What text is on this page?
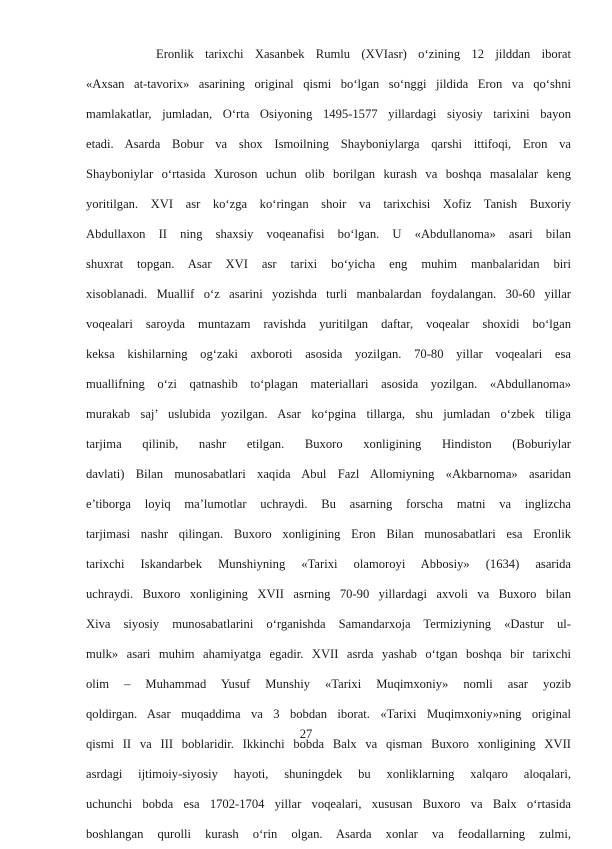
Eronlik tarixchi Xasanbek Rumlu (XVIasr) o‘zining 12 jilddan iborat
«Axsan at-tavorix» asarining original qismi bo‘lgan so‘nggi jildida Eron va qo‘shni
mamlakatlar, jumladan, O‘rta Osiyoning 1495-1577 yillardagi siyosiy tarixini bayon
etadi. Asarda Bobur va shox Ismoilning Shayboniylarga qarshi ittifoqi, Eron va
Shayboniylar o‘rtasida Xuroson uchun olib borilgan kurash va boshqa masalalar keng
yoritilgan. XVI asr ko‘zga ko‘ringan shoir va tarixchisi Xofiz Tanish Buxoriy
Abdullaxon II ning shaxsiy voqeanafisi bo‘lgan. U «Abdullanoma» asari bilan
shuxrat topgan. Asar XVI asr tarixi bo‘yicha eng muhim manbalaridan biri
xisoblanadi. Muallif o‘z asarini yozishda turli manbalardan foydalangan. 30-60 yillar
voqealari saroyda muntazam ravishda yuritilgan daftar, voqealar shoxidi bo‘lgan
keksa kishilarning og‘zaki axboroti asosida yozilgan. 70-80 yillar voqealari esa
muallifning o‘zi qatnashib to‘plagan materiallari asosida yozilgan. «Abdullanoma»
murakab saj’ uslubida yozilgan. Asar ko‘pgina tillarga, shu jumladan o‘zbek tiliga
tarjima qilinib, nashr etilgan. Buxoro xonligining Hindiston (Boburiylar
davlati) Bilan munosabatlari xaqida Abul Fazl Allomiyning «Akbarnoma» asaridan
e’tiborga loyiq ma’lumotlar uchraydi. Bu asarning forscha matni va inglizcha
tarjimasi nashr qilingan. Buxoro xonligining Eron Bilan munosabatlari esa Eronlik
tarixchi Iskandarbek Munshiyning «Tarixi olamoroyi Abbosiy» (1634) asarida
uchraydi. Buxoro xonligining XVII asrning 70-90 yillardagi axvoli va Buxoro bilan
Xiva siyosiy munosabatlarini o‘rganishda Samandarxoja Termiziyning «Dastur ul-
mulk» asari muhim ahamiyatga egadir. XVII asrda yashab o‘tgan boshqa bir tarixchi
olim – Muhammad Yusuf Munshiy «Tarixi Muqimxoniy» nomli asar yozib
qoldirgan. Asar muqaddima va 3 bobdan iborat. «Tarixi Muqimxoniy»ning original
qismi II va III boblaridir. Ikkinchi bobda Balx va qisman Buxoro xonligining XVII
asrdagi ijtimoiy-siyosiy hayoti, shuningdek bu xonliklarning xalqaro aloqalari,
uchunchi bobda esa 1702-1704 yillar voqealari, xususan Buxoro va Balx o‘rtasida
boshlangan qurolli kurash o‘rin olgan. Asarda xonlar va feodallarning zulmi,
27
